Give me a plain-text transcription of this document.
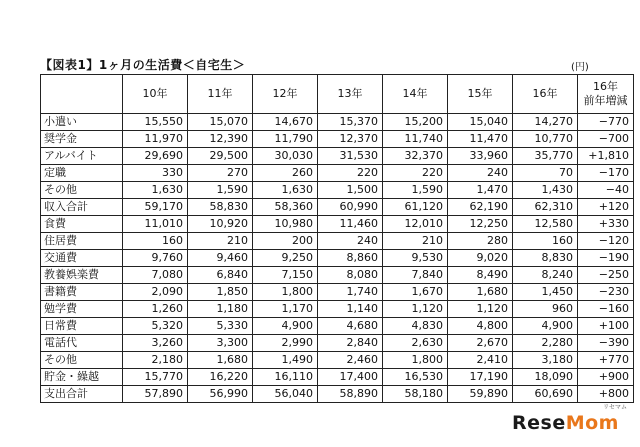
【図表1】1ヶ月の生活費＜自宅生＞	(円)
	10年	11年	12年	13年	14年	15年	16年	16年
前年増減

小遣い	15,550	15,070	14,670	15,370	15,200	15,040	14,270	−770
奨学金	11,970	12,390	11,790	12,370	11,740	11,470	10,770	−700
アルバイト	29,690	29,500	30,030	31,530	32,370	33,960	35,770	+1,810
定職	330	270	260	220	220	240	70	−170
その他	1,630	1,590	1,630	1,500	1,590	1,470	1,430	−40
収入合計	59,170	58,830	58,360	60,990	61,120	62,190	62,310	+120
食費	11,010	10,920	10,980	11,460	12,010	12,250	12,580	+330
住居費	160	210	200	240	210	280	160	−120
交通費	9,760	9,460	9,250	8,860	9,530	9,020	8,830	−190
教養娯楽費	7,080	6,840	7,150	8,080	7,840	8,490	8,240	−250
書籍費	2,090	1,850	1,800	1,740	1,670	1,680	1,450	−230
勉学費	1,260	1,180	1,170	1,140	1,120	1,120	960	−160
日常費	5,320	5,330	4,900	4,680	4,830	4,800	4,900	+100
電話代	3,260	3,300	2,990	2,840	2,630	2,670	2,280	−390
その他	2,180	1,680	1,490	2,460	1,800	2,410	3,180	+770
貯金・繰越	15,770	16,220	16,110	17,400	16,530	17,190	18,090	+900
支出合計	57,890	56,990	56,040	58,890	58,180	59,890	60,690	+800
リセマム
ReseMom
